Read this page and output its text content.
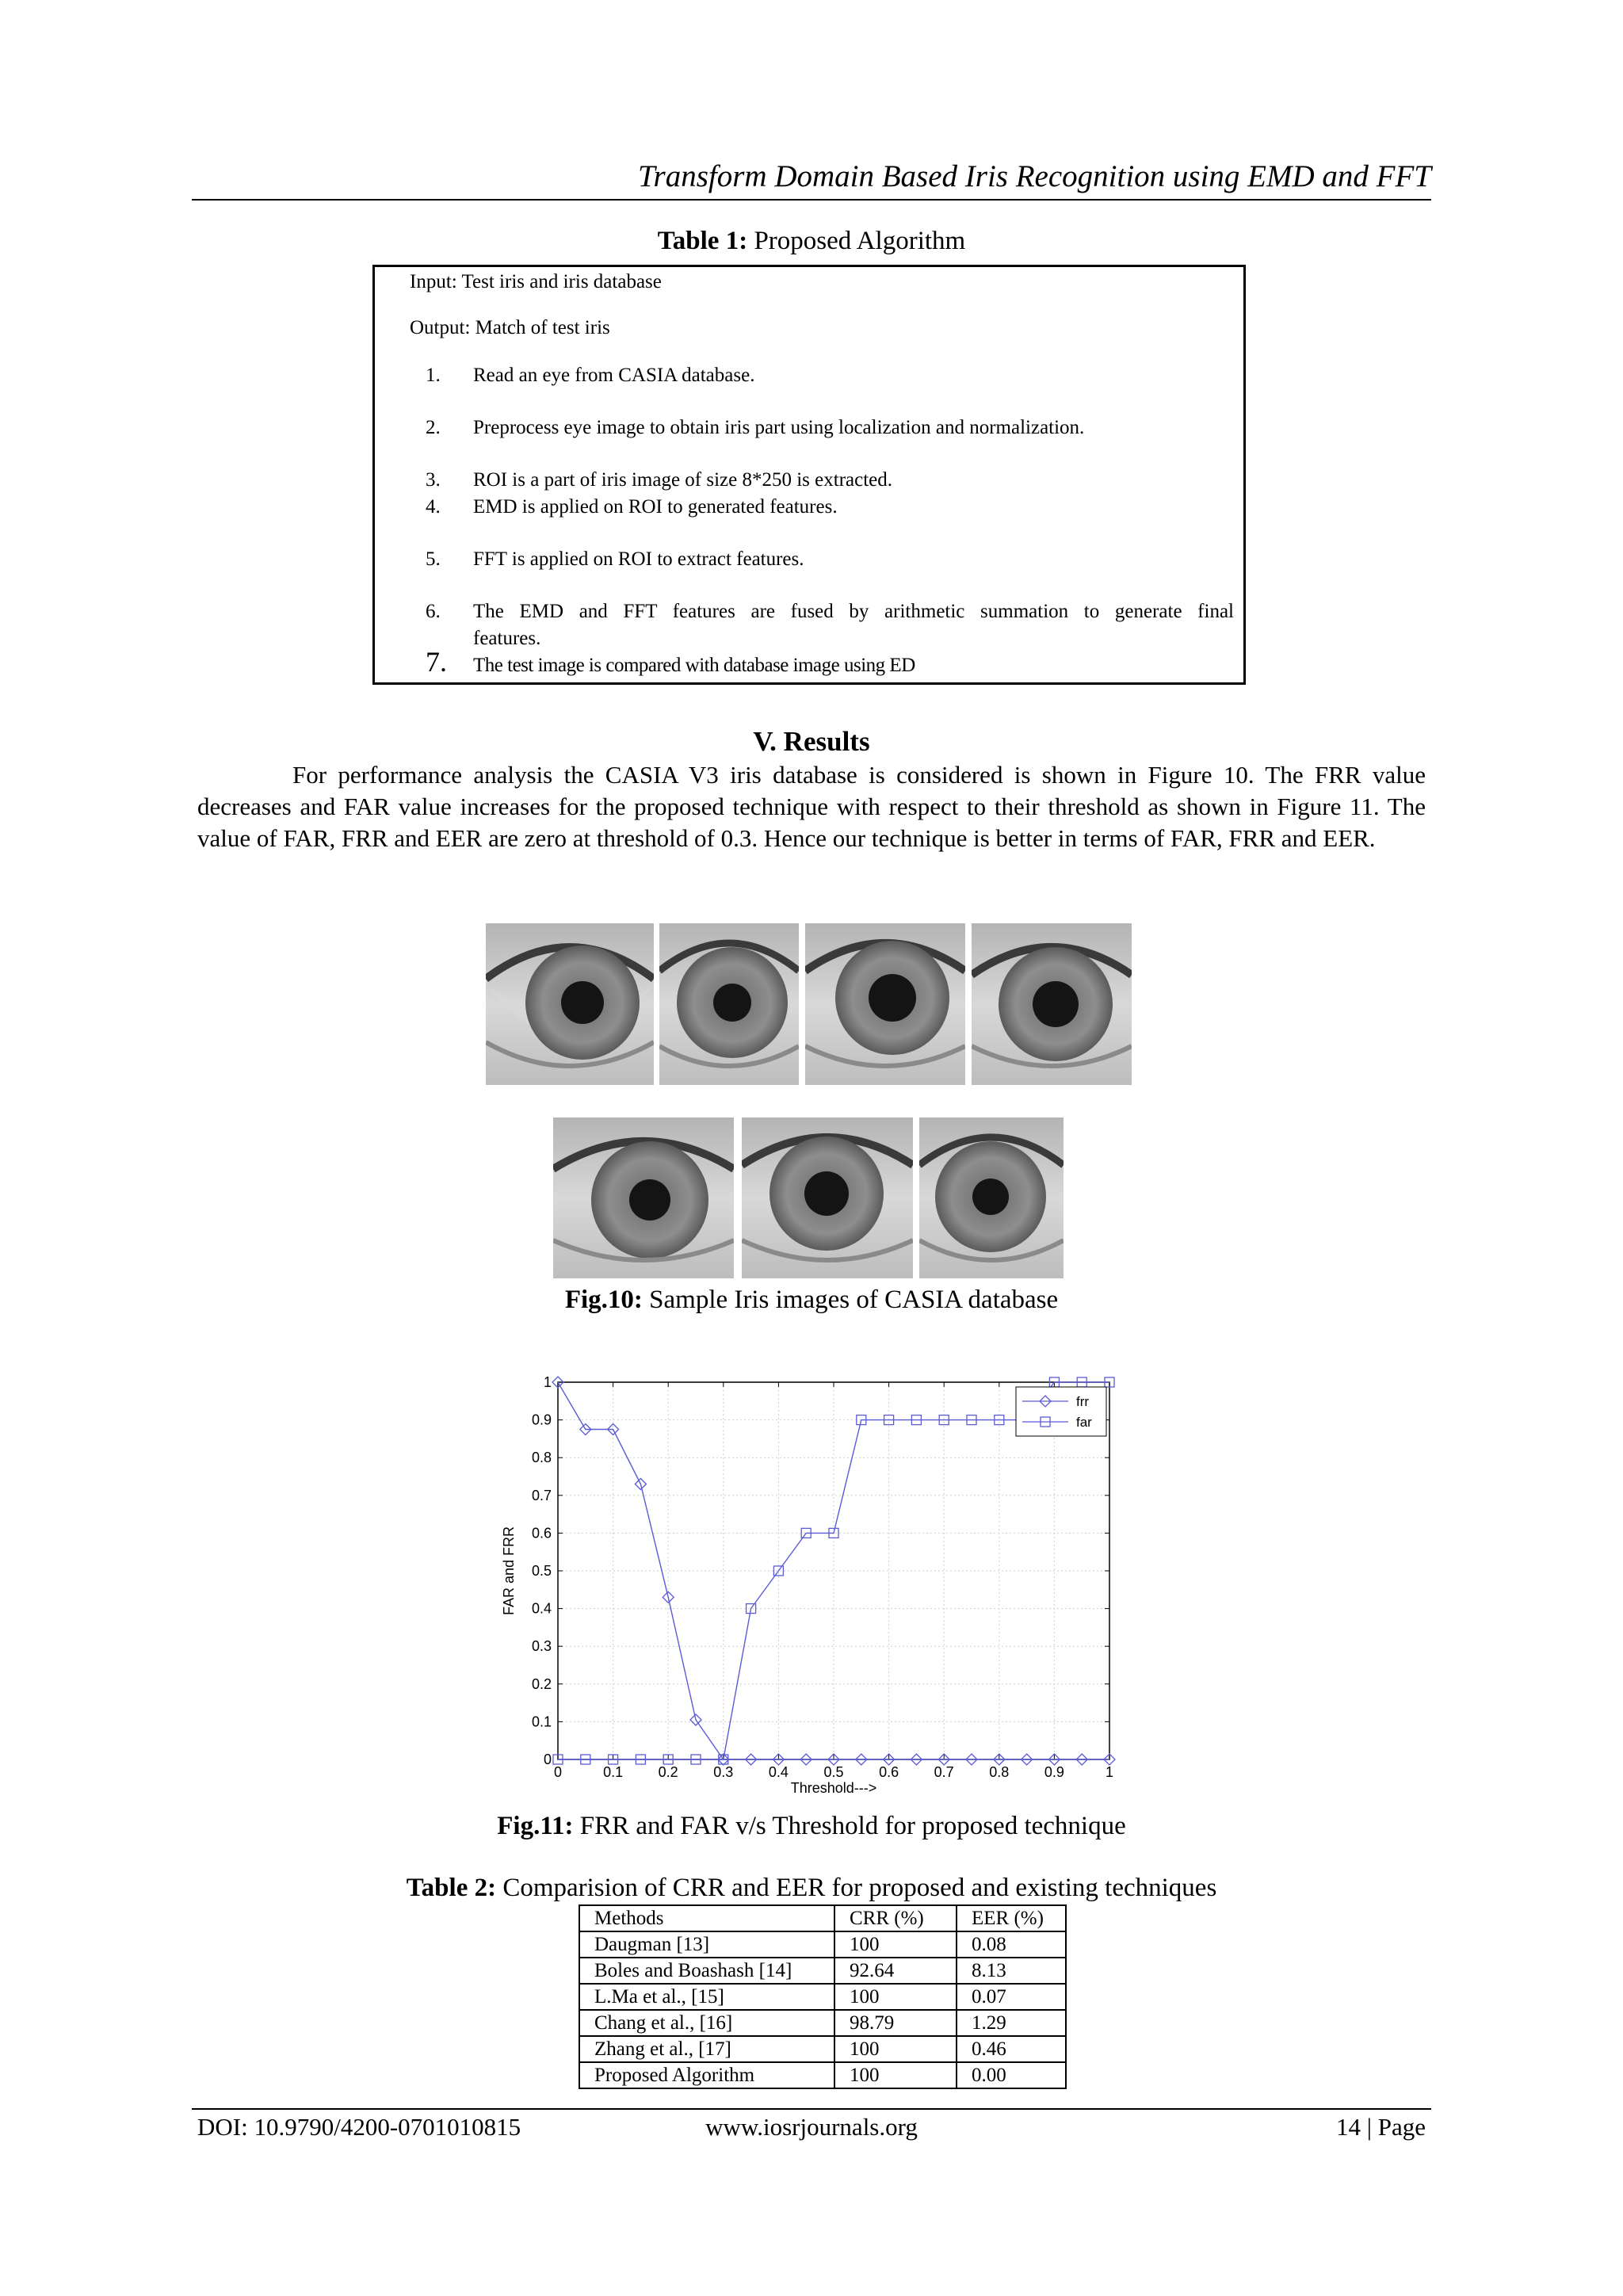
Transform Domain Based Iris Recognition using EMD and FFT
Table 1: Proposed Algorithm
Input: Test iris and iris database
Output: Match of test iris
1.	Read an eye from CASIA database.
2.	Preprocess eye image to obtain iris part using localization and normalization.
3.	ROI is a part of iris image of size 8*250 is extracted.
4.	EMD is applied on ROI to generated features.
5.	FFT is applied on ROI to extract features.
6.	The EMD and FFT features are fused by arithmetic summation to generate final
features.
7.	The test image is compared with database image using ED
V. Results
For performance analysis the CASIA V3 iris database is considered is shown in Figure 10. The FRR value decreases and FAR value increases for the proposed technique with respect to their threshold as shown in Figure 11. The value of FAR, FRR and EER are zero at threshold of 0.3. Hence our technique is better in terms of FAR, FRR and EER.
Fig.10: Sample Iris images of CASIA database
0	0.1 0.2 0.3 0.4 0.5 0.6 0.7 0.8 0.9	1
0
0.1
0.2
0.3
0.4
0.5
0.6
0.7
0.8
0.9
1
Threshold--->
FAR and FRR
frr
far
Fig.11: FRR and FAR v/s Threshold for proposed technique
Table 2: Comparision of CRR and EER for proposed and existing techniques
Methods	CRR (%)	EER (%)
Daugman [13]	100	0.08
Boles and Boashash [14]	92.64	8.13
L.Ma et al., [15]	100	0.07
Chang et al., [16]	98.79	1.29
Zhang et al., [17]	100	0.46
Proposed Algorithm	100	0.00
DOI: 10.9790/4200-0701010815	www.iosrjournals.org	14 | Page
